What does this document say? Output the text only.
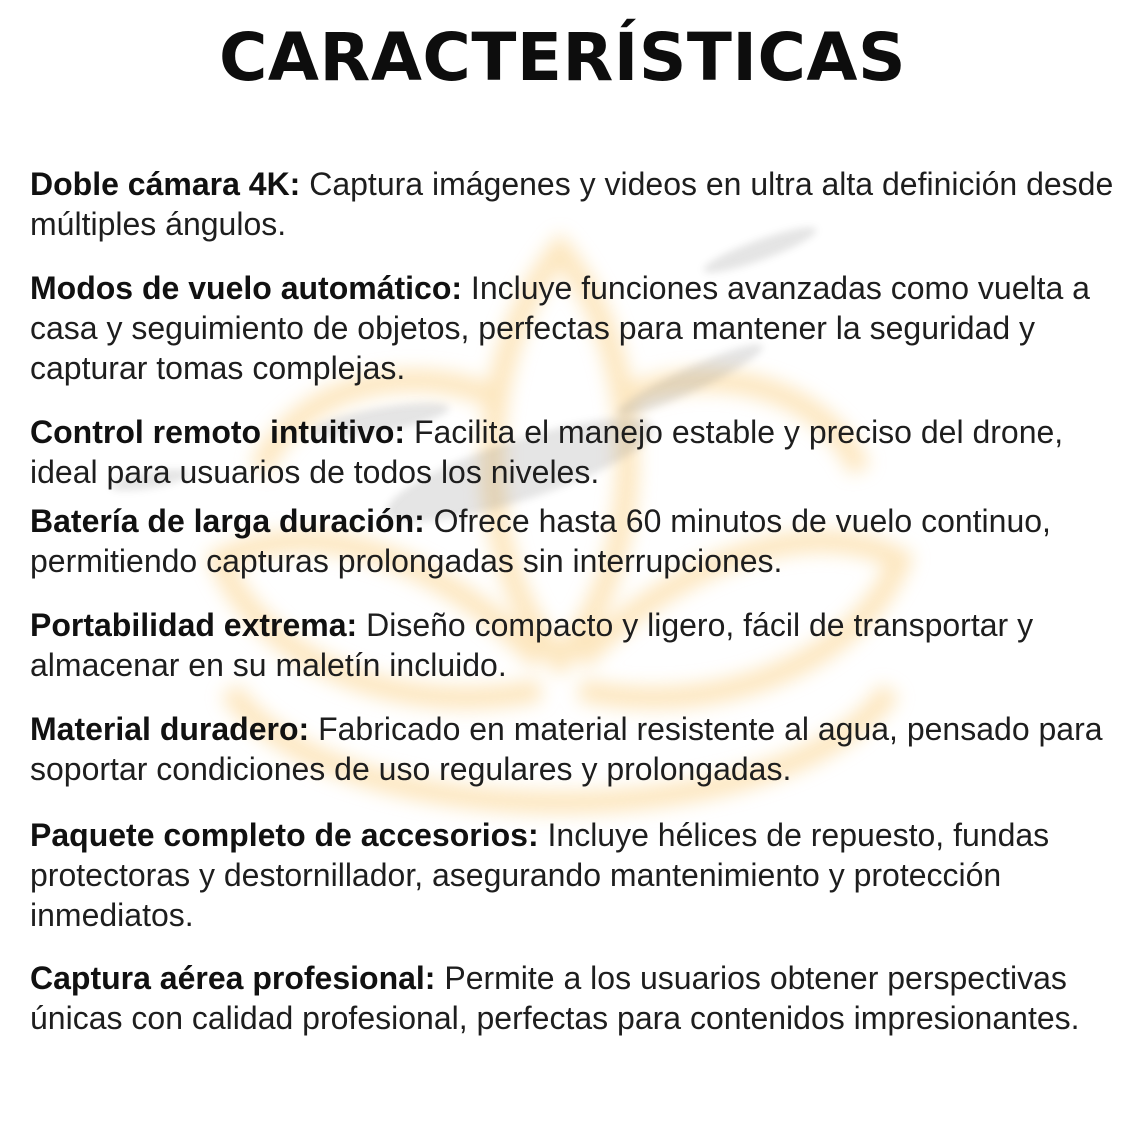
CARACTERÍSTICAS

Doble cámara 4K: Captura imágenes y videos en ultra alta definición desde múltiples ángulos.

Modos de vuelo automático: Incluye funciones avanzadas como vuelta a casa y seguimiento de objetos, perfectas para mantener la seguridad y capturar tomas complejas.

Control remoto intuitivo: Facilita el manejo estable y preciso del drone, ideal para usuarios de todos los niveles.

Batería de larga duración: Ofrece hasta 60 minutos de vuelo continuo, permitiendo capturas prolongadas sin interrupciones.

Portabilidad extrema: Diseño compacto y ligero, fácil de transportar y almacenar en su maletín incluido.

Material duradero: Fabricado en material resistente al agua, pensado para soportar condiciones de uso regulares y prolongadas.

Paquete completo de accesorios: Incluye hélices de repuesto, fundas protectoras y destornillador, asegurando mantenimiento y protección inmediatos.

Captura aérea profesional: Permite a los usuarios obtener perspectivas únicas con calidad profesional, perfectas para contenidos impresionantes.
